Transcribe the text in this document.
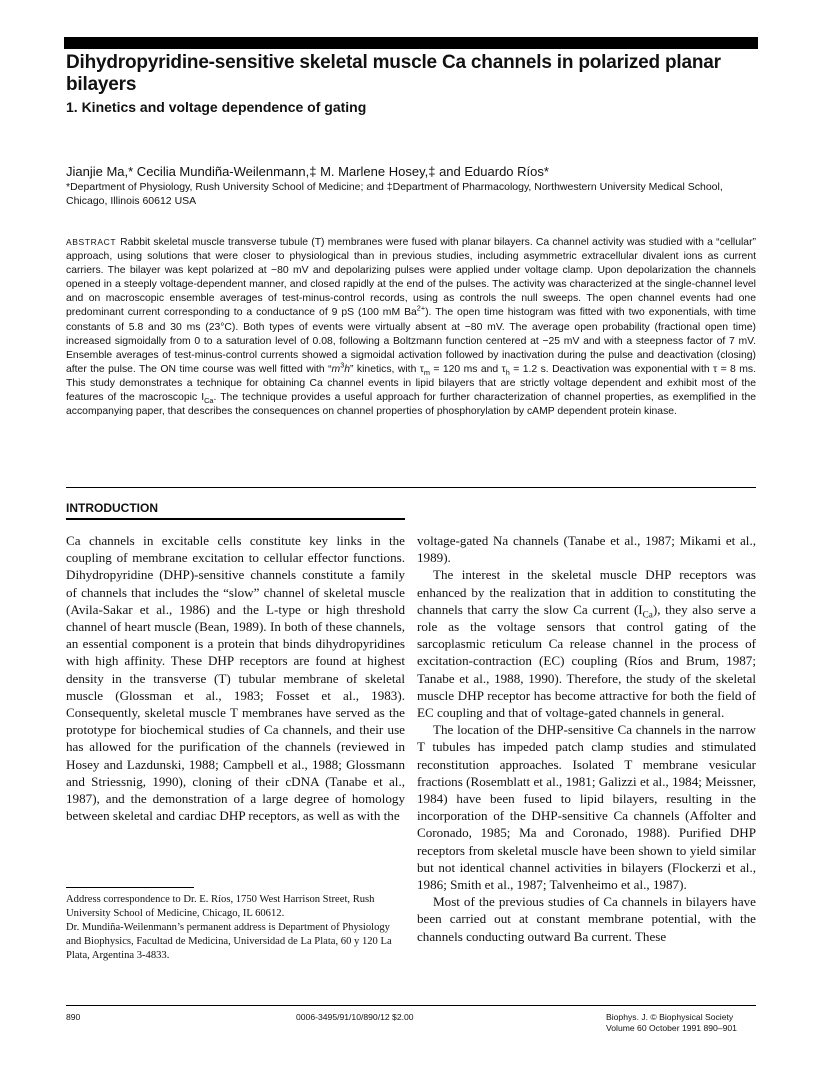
Dihydropyridine-sensitive skeletal muscle Ca channels in polarized planar bilayers
1. Kinetics and voltage dependence of gating
Jianjie Ma,* Cecilia Mundiña-Weilenmann,‡ M. Marlene Hosey,‡ and Eduardo Ríos*
*Department of Physiology, Rush University School of Medicine; and ‡Department of Pharmacology, Northwestern University Medical School, Chicago, Illinois 60612 USA
ABSTRACT Rabbit skeletal muscle transverse tubule (T) membranes were fused with planar bilayers. Ca channel activity was studied with a “cellular” approach, using solutions that were closer to physiological than in previous studies, including asymmetric extracellular divalent ions as current carriers. The bilayer was kept polarized at −80 mV and depolarizing pulses were applied under voltage clamp. Upon depolarization the channels opened in a steeply voltage-dependent manner, and closed rapidly at the end of the pulses. The activity was characterized at the single-channel level and on macroscopic ensemble averages of test-minus-control records, using as controls the null sweeps. The open channel events had one predominant current corresponding to a conductance of 9 pS (100 mM $Ba^{2+}$). The open time histogram was fitted with two exponentials, with time constants of 5.8 and 30 ms (23°C). Both types of events were virtually absent at −80 mV. The average open probability (fractional open time) increased sigmoidally from 0 to a saturation level of 0.08, following a Boltzmann function centered at −25 mV and with a steepness factor of 7 mV. Ensemble averages of test-minus-control currents showed a sigmoidal activation followed by inactivation during the pulse and deactivation (closing) after the pulse. The ON time course was well fitted with “$m^3h$” kinetics, with $\tau_m = 120$ ms and $\tau_h = 1.2$ s. Deactivation was exponential with τ = 8 ms. This study demonstrates a technique for obtaining Ca channel events in lipid bilayers that are strictly voltage dependent and exhibit most of the features of the macroscopic $I_{Ca}$. The technique provides a useful approach for further characterization of channel properties, as exemplified in the accompanying paper, that describes the consequences on channel properties of phosphorylation by cAMP dependent protein kinase.
INTRODUCTION

Ca channels in excitable cells constitute key links in the coupling of membrane excitation to cellular effector functions. Dihydropyridine (DHP)-sensitive channels constitute a family of channels that includes the “slow” channel of skeletal muscle (Avila-Sakar et al., 1986) and the L-type or high threshold channel of heart muscle (Bean, 1989). In both of these channels, an essential component is a protein that binds dihydropyridines with high affinity. These DHP receptors are found at highest density in the transverse (T) tubular membrane of skeletal muscle (Glossman et al., 1983; Fosset et al., 1983). Consequently, skeletal muscle T membranes have served as the prototype for biochemical studies of Ca channels, and their use has allowed for the purification of the channels (reviewed in Hosey and Lazdunski, 1988; Campbell et al., 1988; Glossmann and Striessnig, 1990), cloning of their cDNA (Tanabe et al., 1987), and the demonstration of a large degree of homology between skeletal and cardiac DHP receptors, as well as with the

voltage-gated Na channels (Tanabe et al., 1987; Mikami et al., 1989).

The interest in the skeletal muscle DHP receptors was enhanced by the realization that in addition to constituting the channels that carry the slow Ca current $(I_{Ca})$, they also serve a role as the voltage sensors that control gating of the sarcoplasmic reticulum Ca release channel in the process of excitation-contraction (EC) coupling (Ríos and Brum, 1987; Tanabe et al., 1988, 1990). Therefore, the study of the skeletal muscle DHP receptor has become attractive for both the field of EC coupling and that of voltage-gated channels in general.

The location of the DHP-sensitive Ca channels in the narrow T tubules has impeded patch clamp studies and stimulated reconstitution approaches. Isolated T membrane vesicular fractions (Rosemblatt et al., 1981; Galizzi et al., 1984; Meissner, 1984) have been fused to lipid bilayers, resulting in the incorporation of the DHP-sensitive Ca channels (Affolter and Coronado, 1985; Ma and Coronado, 1988). Purified DHP receptors from skeletal muscle have been shown to yield similar but not identical channel activities in bilayers (Flockerzi et al., 1986; Smith et al., 1987; Talvenheimo et al., 1987).

Most of the previous studies of Ca channels in bilayers have been carried out at constant membrane potential, with the channels conducting outward Ba current. These

Address correspondence to Dr. E. Ríos, 1750 West Harrison Street, Rush University School of Medicine, Chicago, IL 60612.

Dr. Mundiña-Weilenmann’s permanent address is Department of Physiology and Biophysics, Facultad de Medicina, Universidad de La Plata, 60 y 120 La Plata, Argentina 3-4833.

890	0006-3495/91/10/890/12 $2.00	Biophys. J. © Biophysical Society
Volume 60 October 1991 890–901
